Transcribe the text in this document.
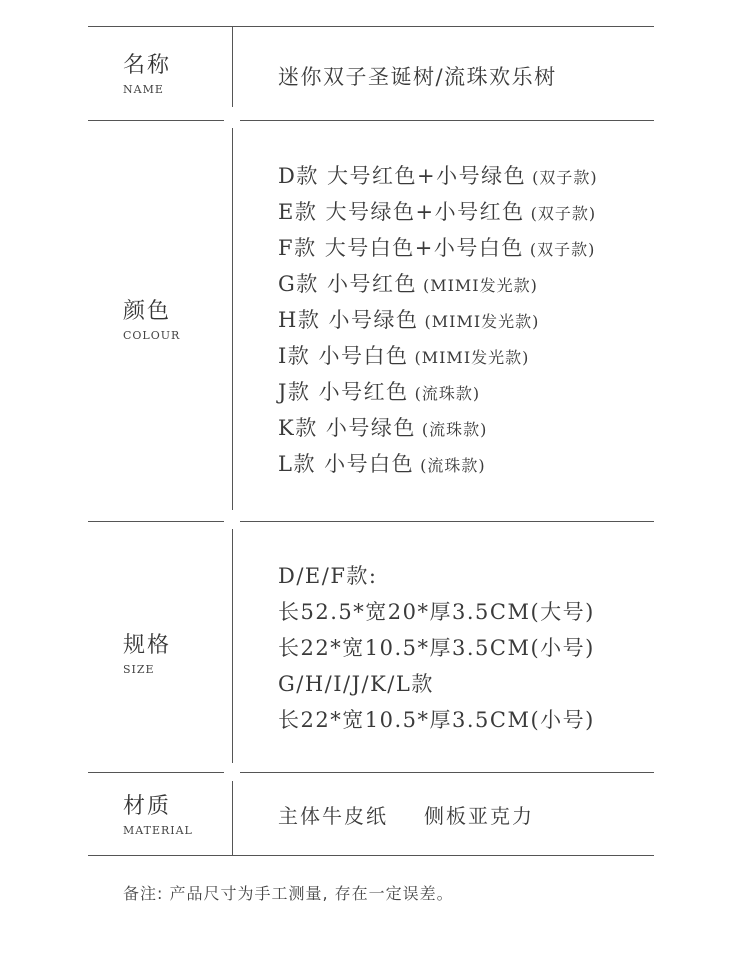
名称
NAME
迷你双子圣诞树/流珠欢乐树
颜色
COLOUR
D款 大号红色+小号绿色 (双子款)
E款 大号绿色+小号红色 (双子款)
F款 大号白色+小号白色 (双子款)
G款 小号红色 (MIMI发光款)
H款 小号绿色 (MIMI发光款)
I款 小号白色 (MIMI发光款)
J款 小号红色 (流珠款)
K款 小号绿色 (流珠款)
L款 小号白色 (流珠款)
规格
SIZE
D/E/F款:
长52.5*宽20*厚3.5CM(大号)
长22*宽10.5*厚3.5CM(小号)
G/H/I/J/K/L款
长22*宽10.5*厚3.5CM(小号)
材质
MATERIAL
主体牛皮纸 侧板亚克力
备注: 产品尺寸为手工测量, 存在一定误差。
